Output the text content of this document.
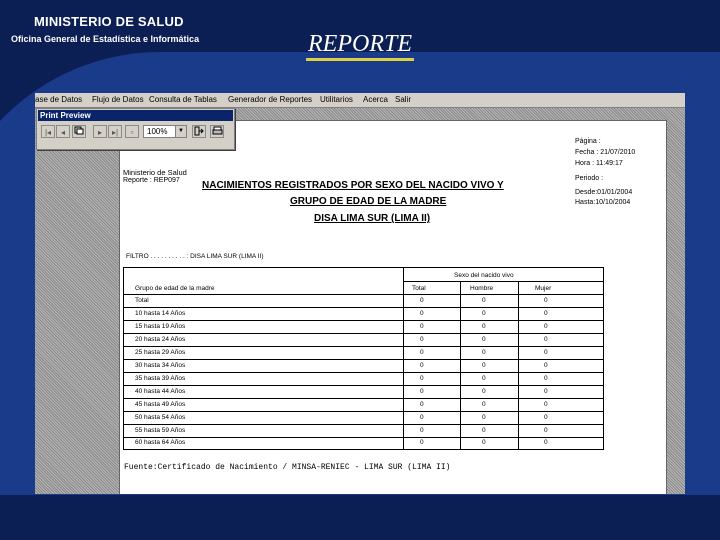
MINISTERIO DE SALUD
Oficina General de Estadística e Informática	REPORTE
ase de Datos Flujo de Datos Consulta de Tablas Generador de Reportes Utilitarios Acerca Salir
Ministerio de Salud
Reporte : REP097
Página :
Fecha : 21/07/2010
Hora : 11:49:17
Periodo :
Desde:01/01/2004
Hasta:10/10/2004
NACIMIENTOS REGISTRADOS POR SEXO DEL NACIDO VIVO Y
GRUPO DE EDAD DE LA MADRE
DISA LIMA SUR (LIMA II)
FILTRO . . . . . . . . . . : DISA LIMA SUR (LIMA II)
Sexo del nacido vivo
Grupo de edad de la madre	Total	Hombre	Mujer
Total	0	0	0
10 hasta 14 Años	0	0	0
15 hasta 19 Años	0	0	0
20 hasta 24 Años	0	0	0
25 hasta 29 Años	0	0	0
30 hasta 34 Años	0	0	0
35 hasta 39 Años	0	0	0
40 hasta 44 Años	0	0	0
45 hasta 49 Años	0	0	0
50 hasta 54 Años	0	0	0
55 hasta 59 Años	0	0	0
60 hasta 64 Años	0	0	0
Fuente:Certificado de Nacimiento / MINSA-RENIEC - LIMA SUR (LIMA II)
Print Preview
|◂	◂	▸	▸|	▫	100%	▼
